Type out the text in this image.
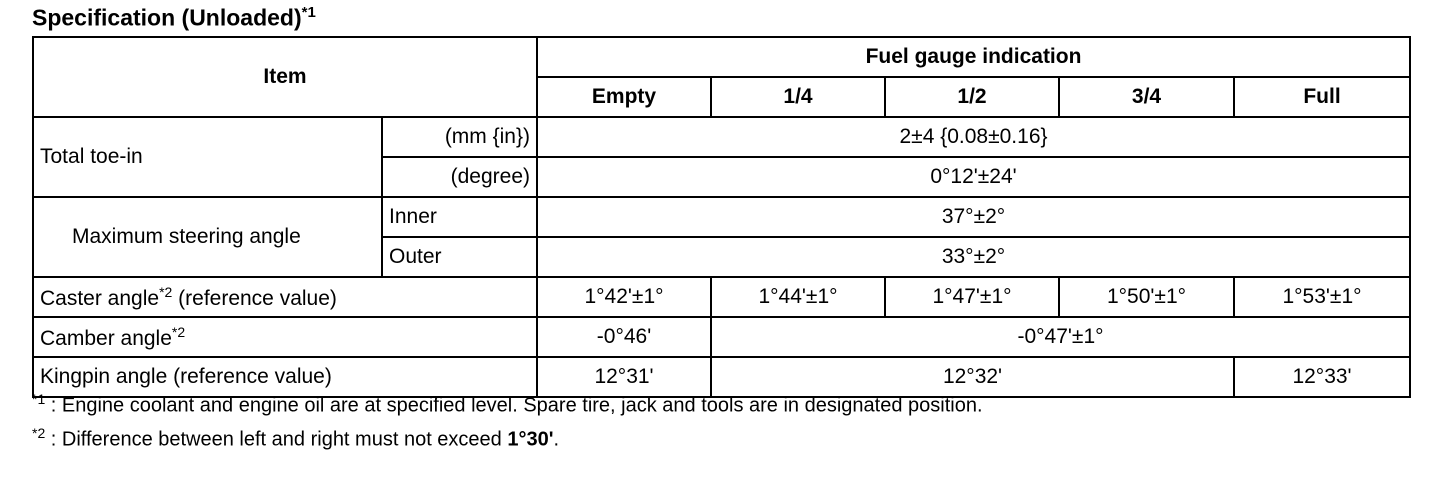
Specification (Unloaded)$^{*1}$
Item		Fuel gauge indication				
		Empty	1/4	1/2	3/4	Full
Total toe-in	(mm {in})	2±4 {0.08±0.16}				
	(degree)	0°12'±24'				
Maximum steering angle	Inner	37°±2°				
	Outer	33°±2°				
Caster angle$^{*2}$ (reference value)		1°42'±1°	1°44'±1°	1°47'±1°	1°50'±1°	1°53'±1°
Camber angle$^{*2}$		-0°46'	-0°47'±1°			
Kingpin angle (reference value)		12°31'	12°32'			12°33'
$^{*1}$ : Engine coolant and engine oil are at specified level. Spare tire, jack and tools are in designated position.
$^{*2}$ : Difference between left and right must not exceed 1°30'.
